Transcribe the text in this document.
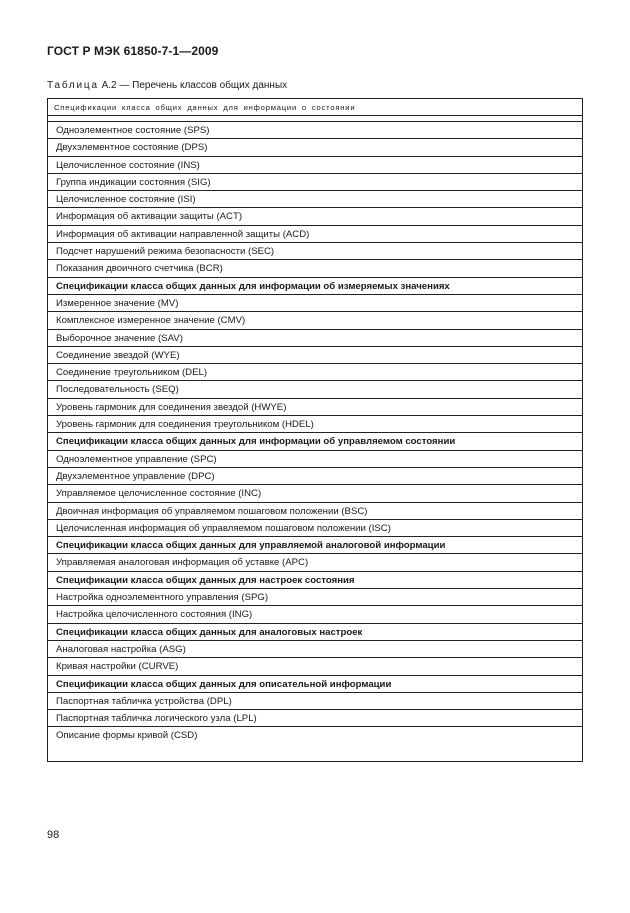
ГОСТ Р МЭК 61850-7-1—2009
Таблица А.2 — Перечень классов общих данных
Спецификации класса общих данных для информации о состоянии
Одноэлементное состояние (SPS)
Двухэлементное состояние (DPS)
Целочисленное состояние (INS)
Группа индикации состояния (SIG)
Целочисленное состояние (ISI)
Информация об активации защиты (ACT)
Информация об активации направленной защиты (ACD)
Подсчет нарушений режима безопасности (SEC)
Показания двоичного счетчика (BCR)
Спецификации класса общих данных для информации об измеряемых значениях
Измеренное значение (MV)
Комплексное измеренное значение (CMV)
Выборочное значение (SAV)
Соединение звездой (WYE)
Соединение треугольником (DEL)
Последовательность (SEQ)
Уровень гармоник для соединения звездой (HWYE)
Уровень гармоник для соединения треугольником (HDEL)
Спецификации класса общих данных для информации об управляемом состоянии
Одноэлементное управление (SPC)
Двухэлементное управление (DPC)
Управляемое целочисленное состояние (INC)
Двоичная информация об управляемом пошаговом положении (BSC)
Целочисленная информация об управляемом пошаговом положении (ISC)
Спецификации класса общих данных для управляемой аналоговой информации
Управляемая аналоговая информация об уставке (APC)
Спецификации класса общих данных для настроек состояния
Настройка одноэлементного управления (SPG)
Настройка целочисленного состояния (ING)
Спецификации класса общих данных для аналоговых настроек
Аналоговая настройка (ASG)
Кривая настройки (CURVE)
Спецификации класса общих данных для описательной информации
Паспортная табличка устройства (DPL)
Паспортная табличка логического узла (LPL)
Описание формы кривой (CSD)
98
